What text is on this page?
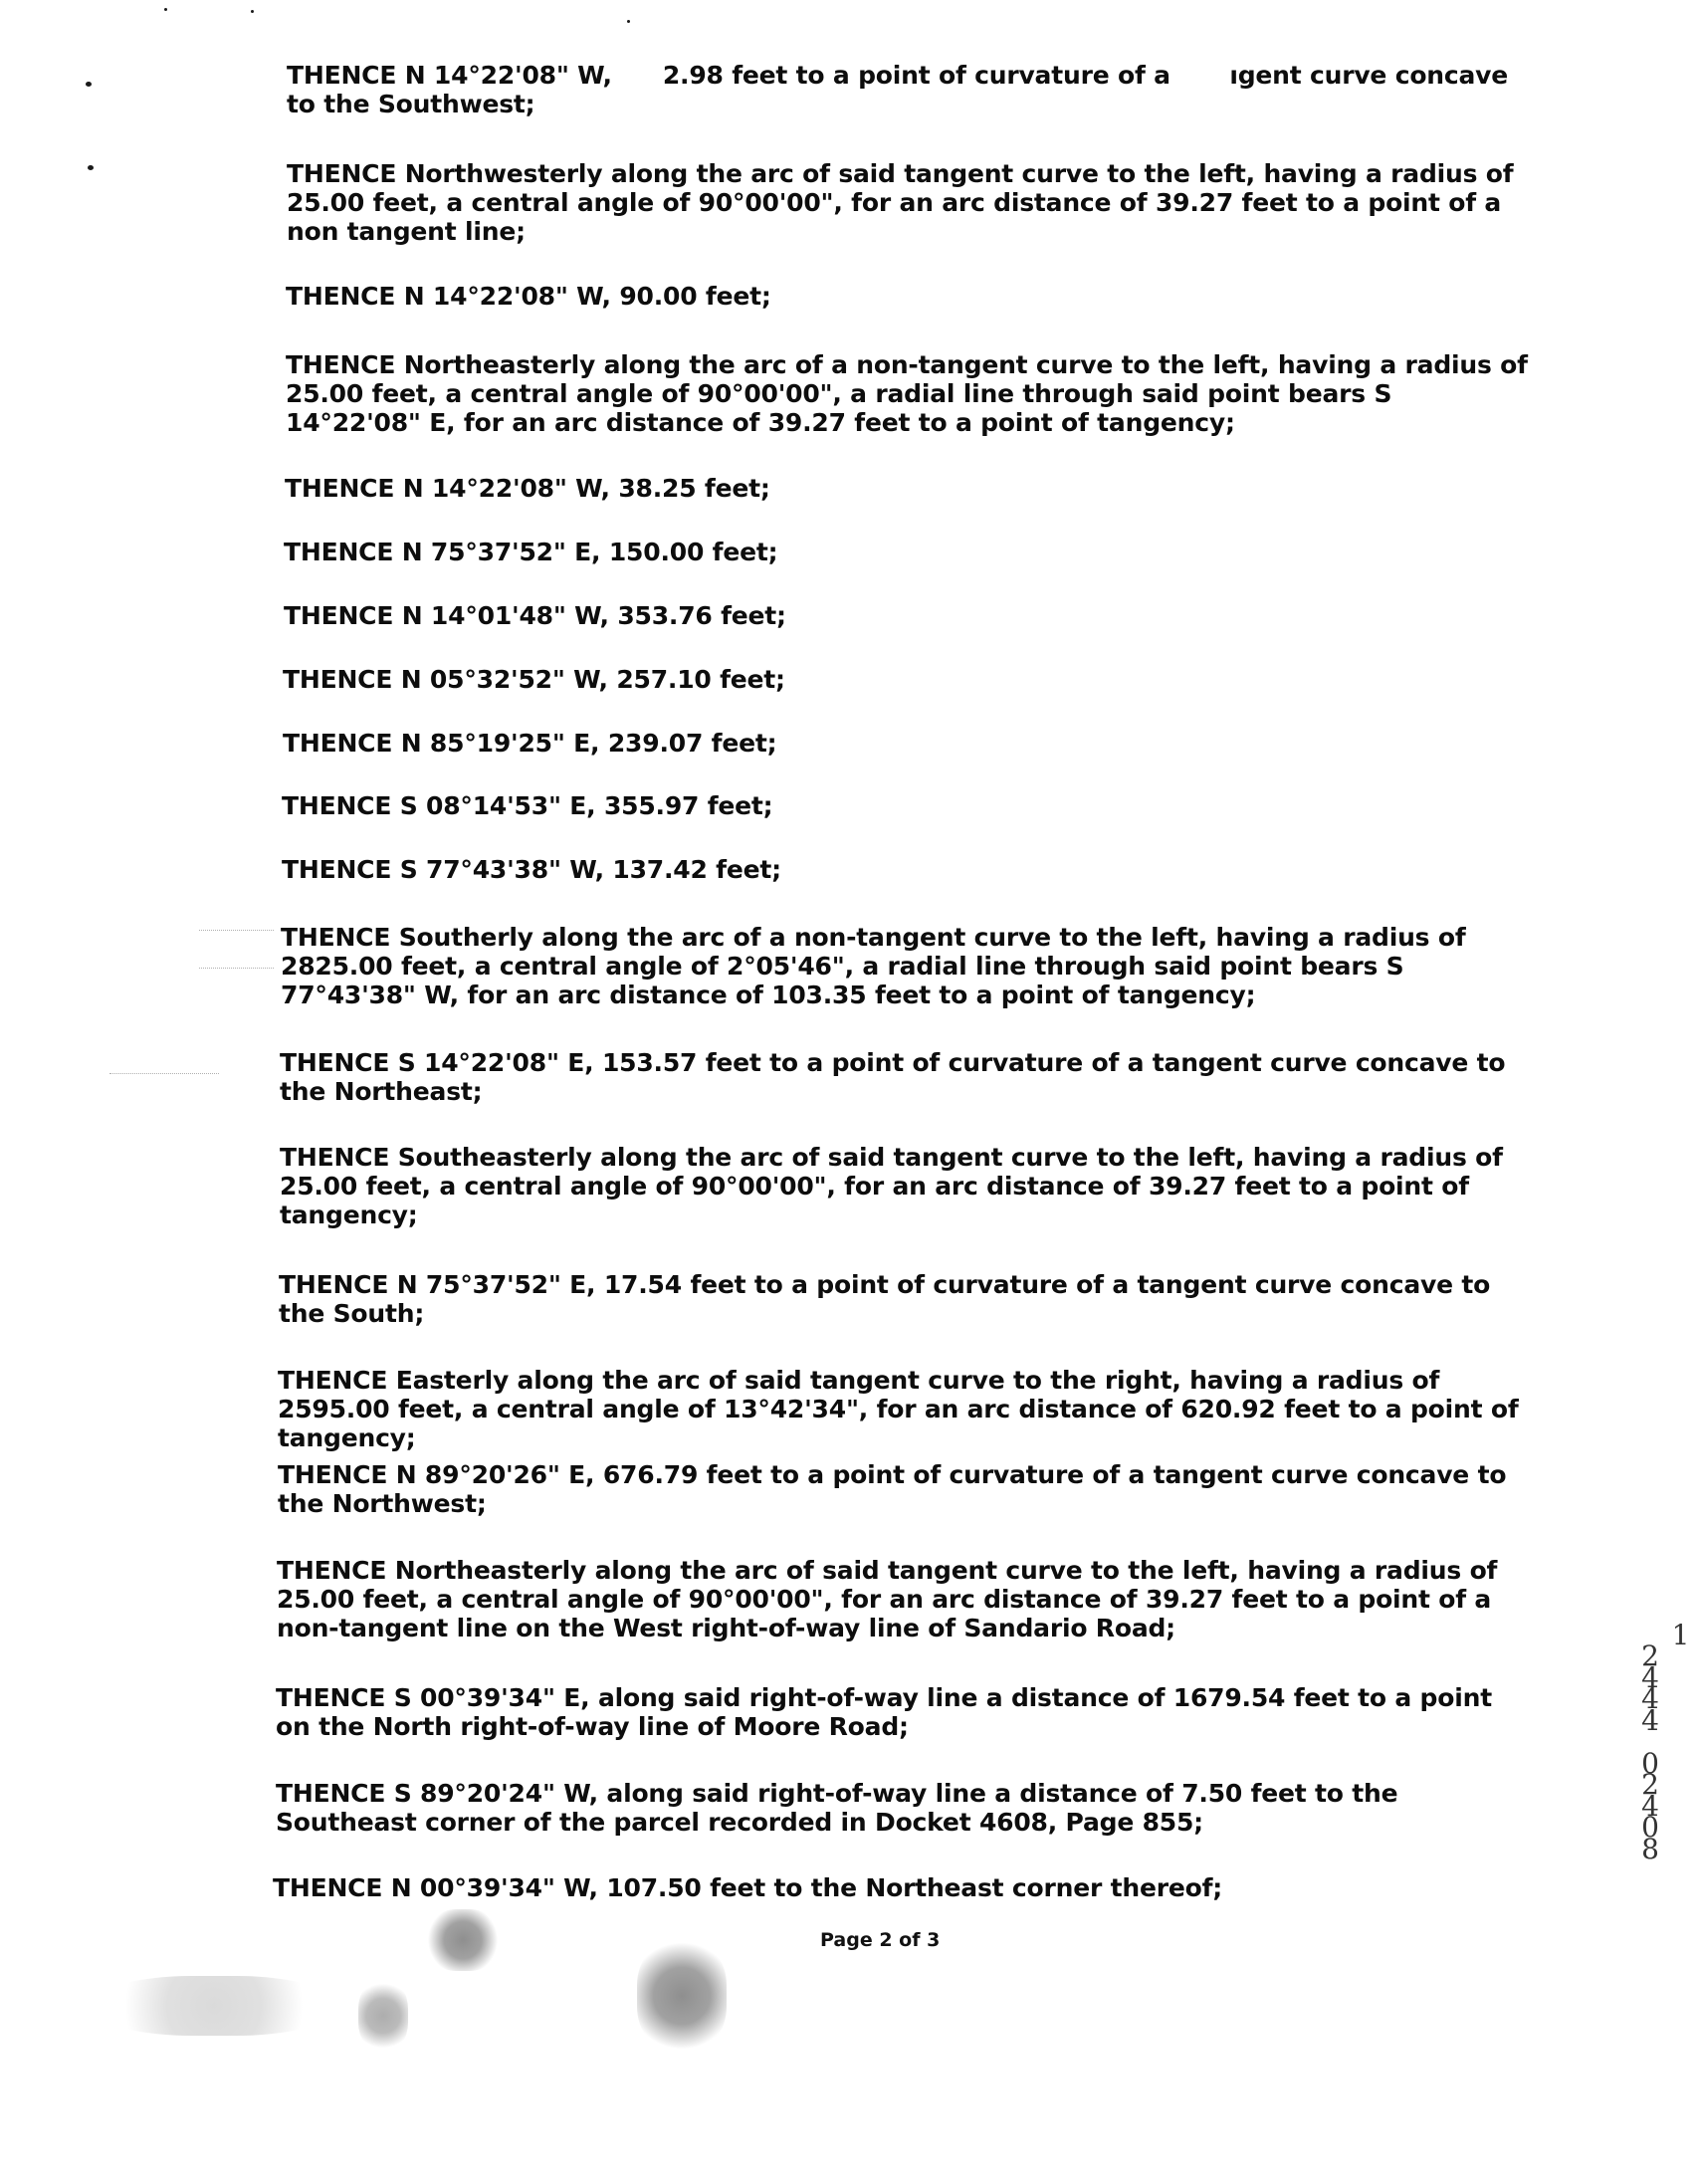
THENCE N 14°22'08" W,      2.98 feet to a point of curvature of a       ıgent curve concave to the Southwest;

THENCE Northwesterly along the arc of said tangent curve to the left, having a radius of 25.00 feet, a central angle of 90°00'00", for an arc distance of 39.27 feet to a point of a non tangent line;

THENCE N 14°22'08" W, 90.00 feet;

THENCE Northeasterly along the arc of a non-tangent curve to the left, having a radius of 25.00 feet, a central angle of 90°00'00", a radial line through said point bears S 14°22'08" E, for an arc distance of 39.27 feet to a point of tangency;

THENCE N 14°22'08" W, 38.25 feet;

THENCE N 75°37'52" E, 150.00 feet;

THENCE N 14°01'48" W, 353.76 feet;

THENCE N 05°32'52" W, 257.10 feet;

THENCE N 85°19'25" E, 239.07 feet;

THENCE S 08°14'53" E, 355.97 feet;

THENCE S 77°43'38" W, 137.42 feet;

THENCE Southerly along the arc of a non-tangent curve to the left, having a radius of 2825.00 feet, a central angle of 2°05'46", a radial line through said point bears S 77°43'38" W, for an arc distance of 103.35 feet to a point of tangency;

THENCE S 14°22'08" E, 153.57 feet to a point of curvature of a tangent curve concave to the Northeast;

THENCE Southeasterly along the arc of said tangent curve to the left, having a radius of 25.00 feet, a central angle of 90°00'00", for an arc distance of 39.27 feet to a point of tangency;

THENCE N 75°37'52" E, 17.54 feet to a point of curvature of a tangent curve concave to the South;

THENCE Easterly along the arc of said tangent curve to the right, having a radius of 2595.00 feet, a central angle of 13°42'34", for an arc distance of 620.92 feet to a point of tangency;

THENCE N 89°20'26" E, 676.79 feet to a point of curvature of a tangent curve concave to the Northwest;

THENCE Northeasterly along the arc of said tangent curve to the left, having a radius of 25.00 feet, a central angle of 90°00'00", for an arc distance of 39.27 feet to a point of a non-tangent line on the West right-of-way line of Sandario Road;

THENCE S 00°39'34" E, along said right-of-way line a distance of 1679.54 feet to a point on the North right-of-way line of Moore Road;

THENCE S 89°20'24" W, along said right-of-way line a distance of 7.50 feet to the Southeast corner of the parcel recorded in Docket 4608, Page 855;

THENCE N 00°39'34" W, 107.50 feet to the Northeast corner thereof;

Page 2 of 3

1
2
4
4
4

0
2
4
0
8
